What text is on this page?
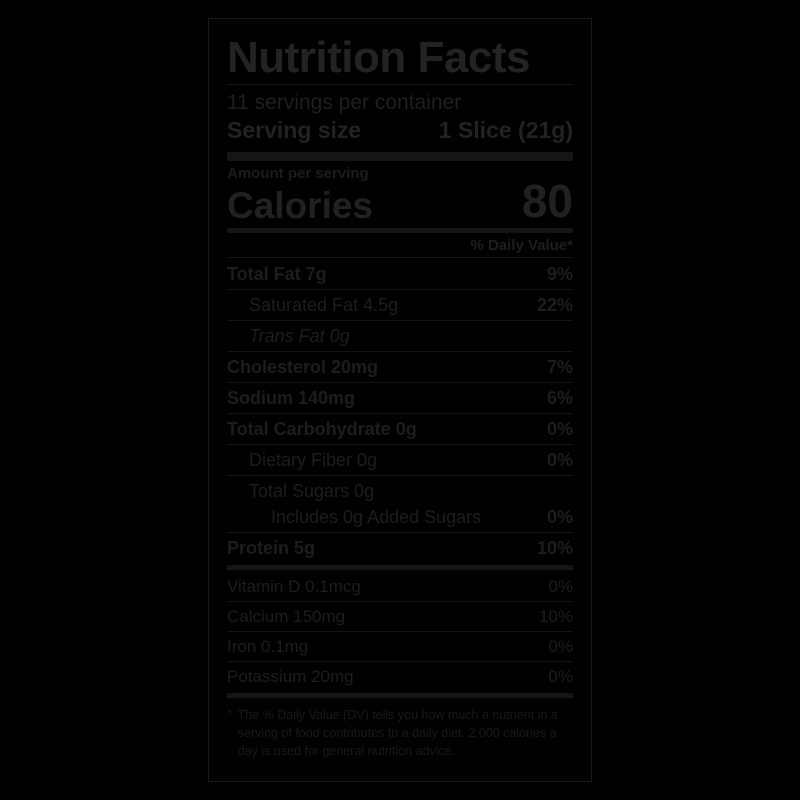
Nutrition Facts
11 servings per container
Serving size	1 Slice (21g)
Amount per serving
Calories	80
% Daily Value*
Total Fat 7g	9%
Saturated Fat 4.5g	22%
Trans Fat 0g
Cholesterol 20mg	7%
Sodium 140mg	6%
Total Carbohydrate 0g	0%
Dietary Fiber 0g	0%
Total Sugars 0g
Includes 0g Added Sugars	0%
Protein 5g	10%
Vitamin D 0.1mcg	0%
Calcium 150mg	10%
Iron 0.1mg	0%
Potassium 20mg	0%
* The % Daily Value (DV) tells you how much a nutrient in a serving of food contributes to a daily diet. 2,000 calories a day is used for general nutrition advice.
